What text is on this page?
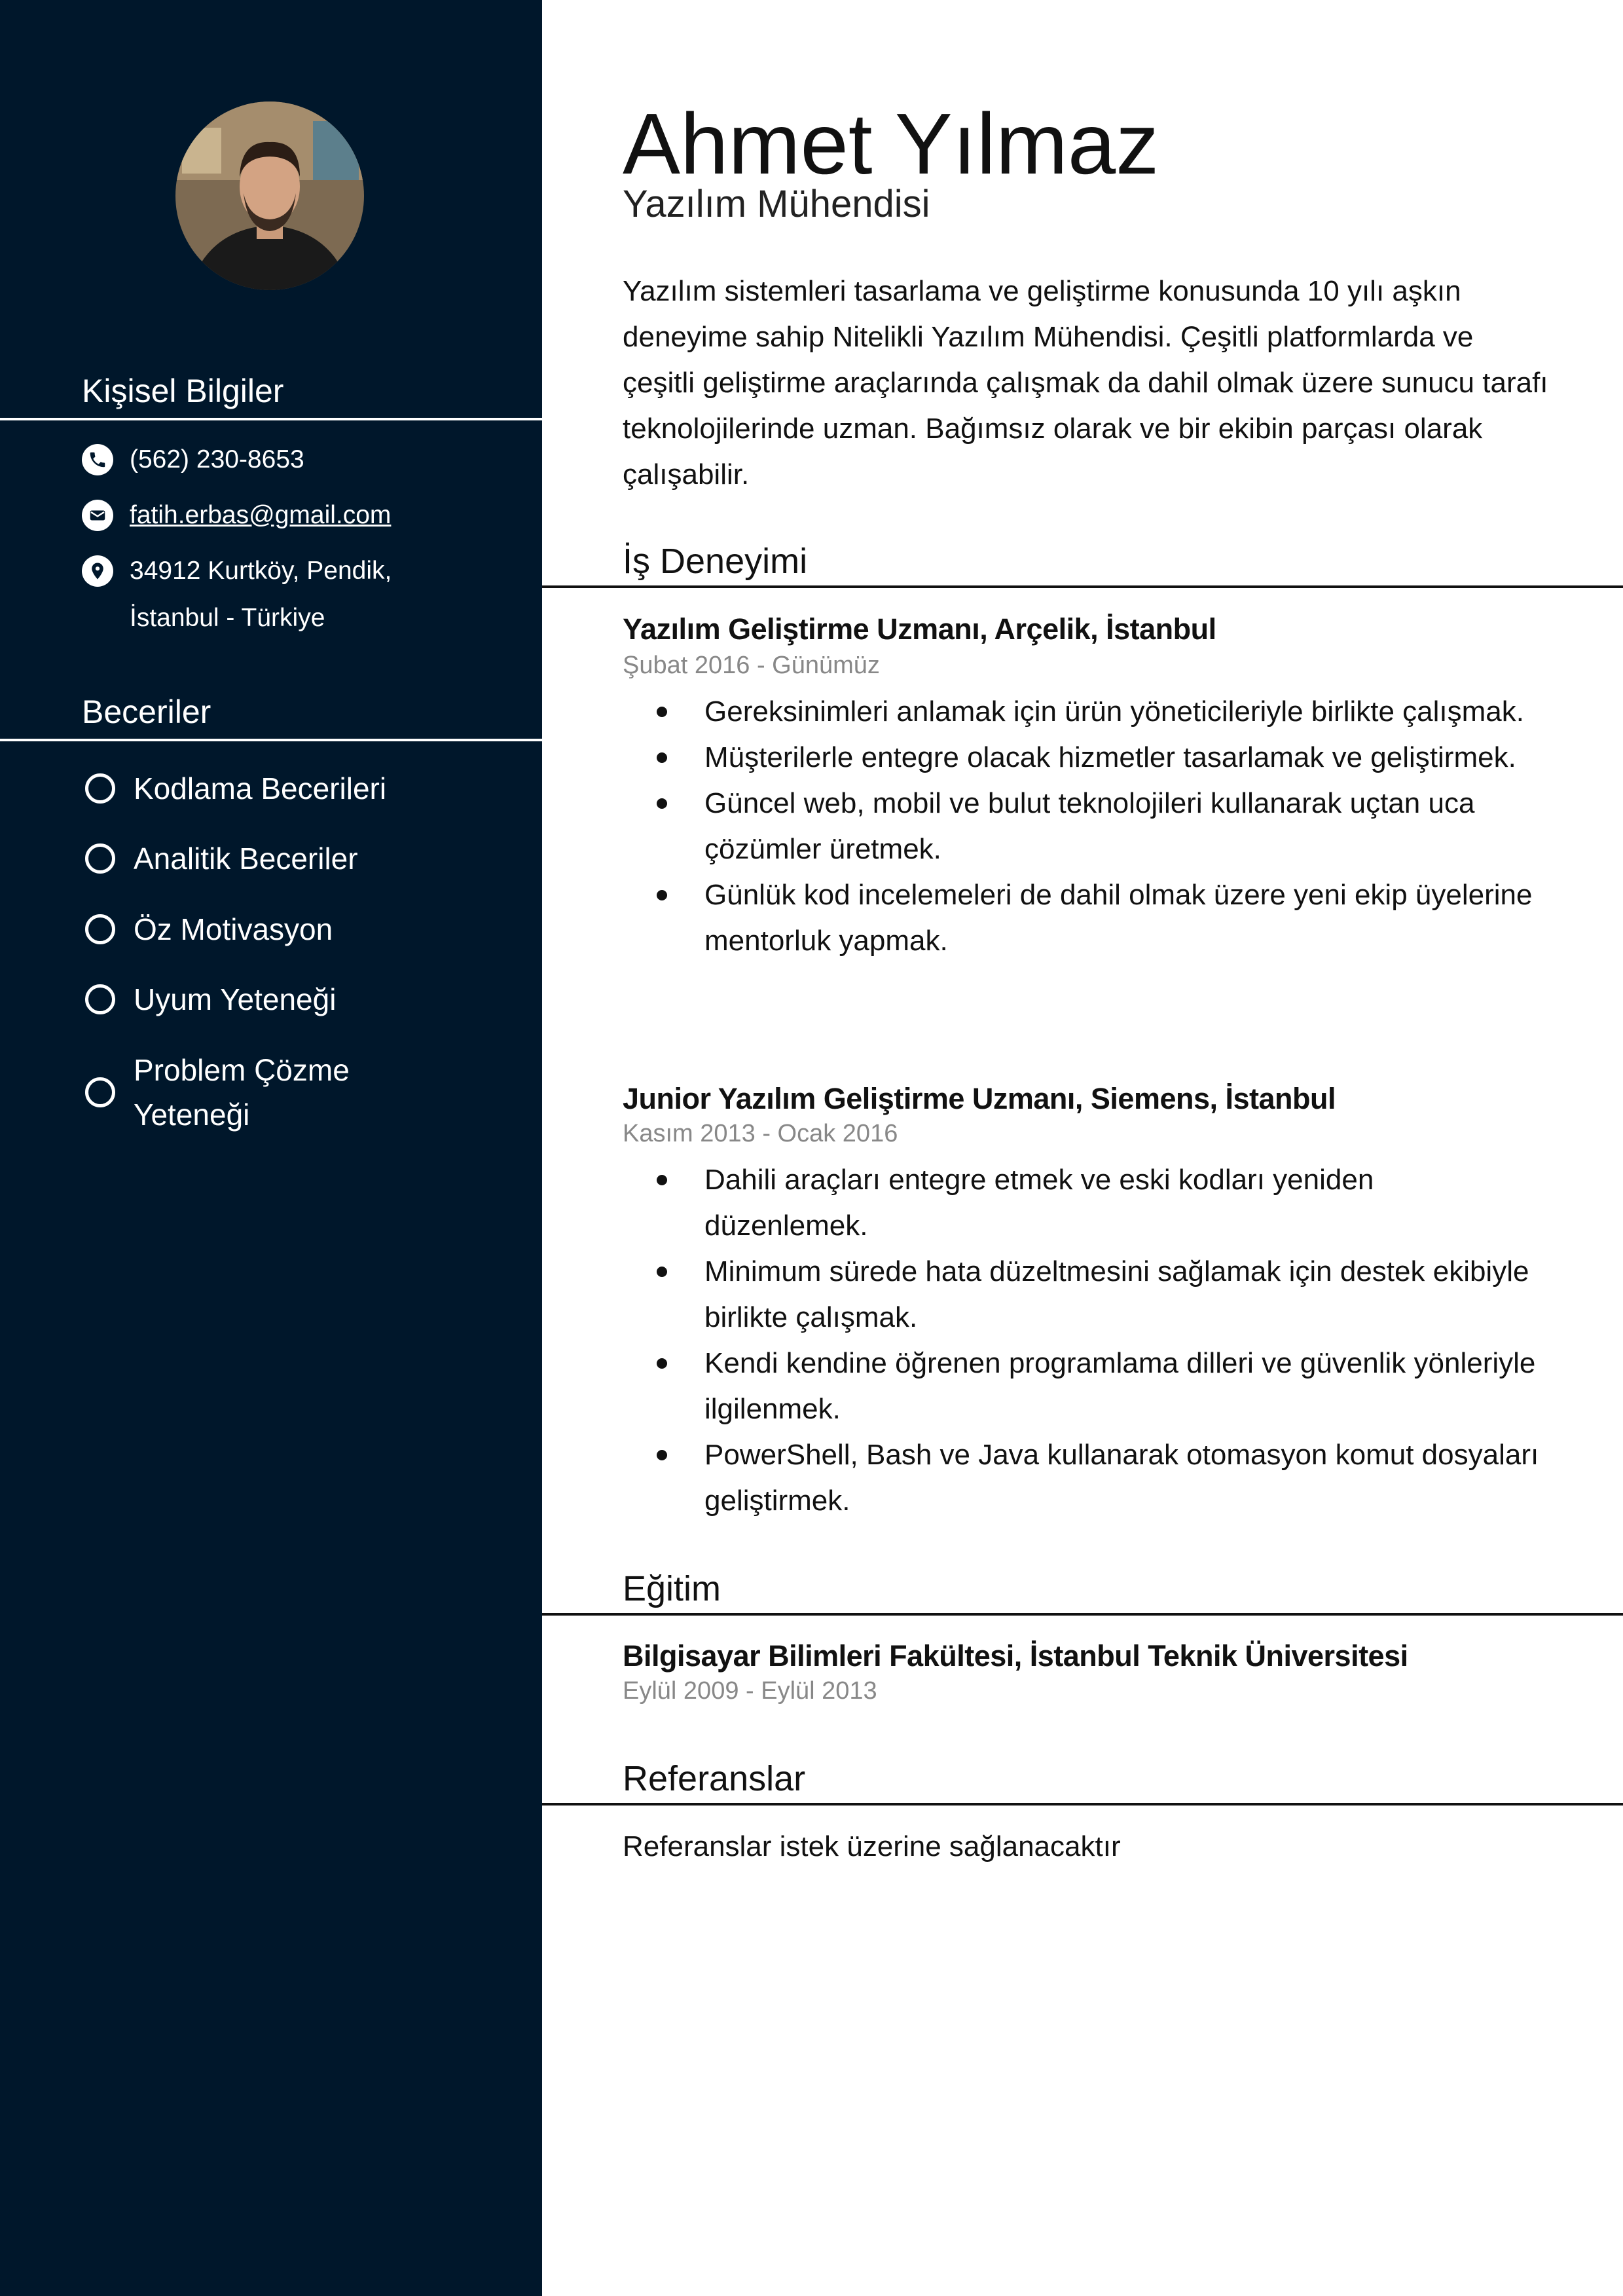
Kişisel Bilgiler
(562) 230-8653
fatih.erbas@gmail.com
34912 Kurtköy, Pendik,
İstanbul - Türkiye
Beceriler
Kodlama Becerileri
Analitik Beceriler
Öz Motivasyon
Uyum Yeteneği
Problem Çözme
Yeteneği
Ahmet Yılmaz
Yazılım Mühendisi

Yazılım sistemleri tasarlama ve geliştirme konusunda 10 yılı aşkın deneyime sahip Nitelikli Yazılım Mühendisi. Çeşitli platformlarda ve çeşitli geliştirme araçlarında çalışmak da dahil olmak üzere sunucu tarafı teknolojilerinde uzman. Bağımsız olarak ve bir ekibin parçası olarak çalışabilir.

İş Deneyimi
Yazılım Geliştirme Uzmanı, Arçelik, İstanbul
Şubat 2016 - Günümüz
Gereksinimleri anlamak için ürün yöneticileriyle birlikte çalışmak.
Müşterilerle entegre olacak hizmetler tasarlamak ve geliştirmek.
Güncel web, mobil ve bulut teknolojileri kullanarak uçtan uca çözümler üretmek.
Günlük kod incelemeleri de dahil olmak üzere yeni ekip üyelerine mentorluk yapmak.
Junior Yazılım Geliştirme Uzmanı, Siemens, İstanbul
Kasım 2013 - Ocak 2016
Dahili araçları entegre etmek ve eski kodları yeniden düzenlemek.
Minimum sürede hata düzeltmesini sağlamak için destek ekibiyle birlikte çalışmak.
Kendi kendine öğrenen programlama dilleri ve güvenlik yönleriyle ilgilenmek.
PowerShell, Bash ve Java kullanarak otomasyon komut dosyaları geliştirmek.
Eğitim
Bilgisayar Bilimleri Fakültesi, İstanbul Teknik Üniversitesi
Eylül 2009 - Eylül 2013
Referanslar
Referanslar istek üzerine sağlanacaktır
